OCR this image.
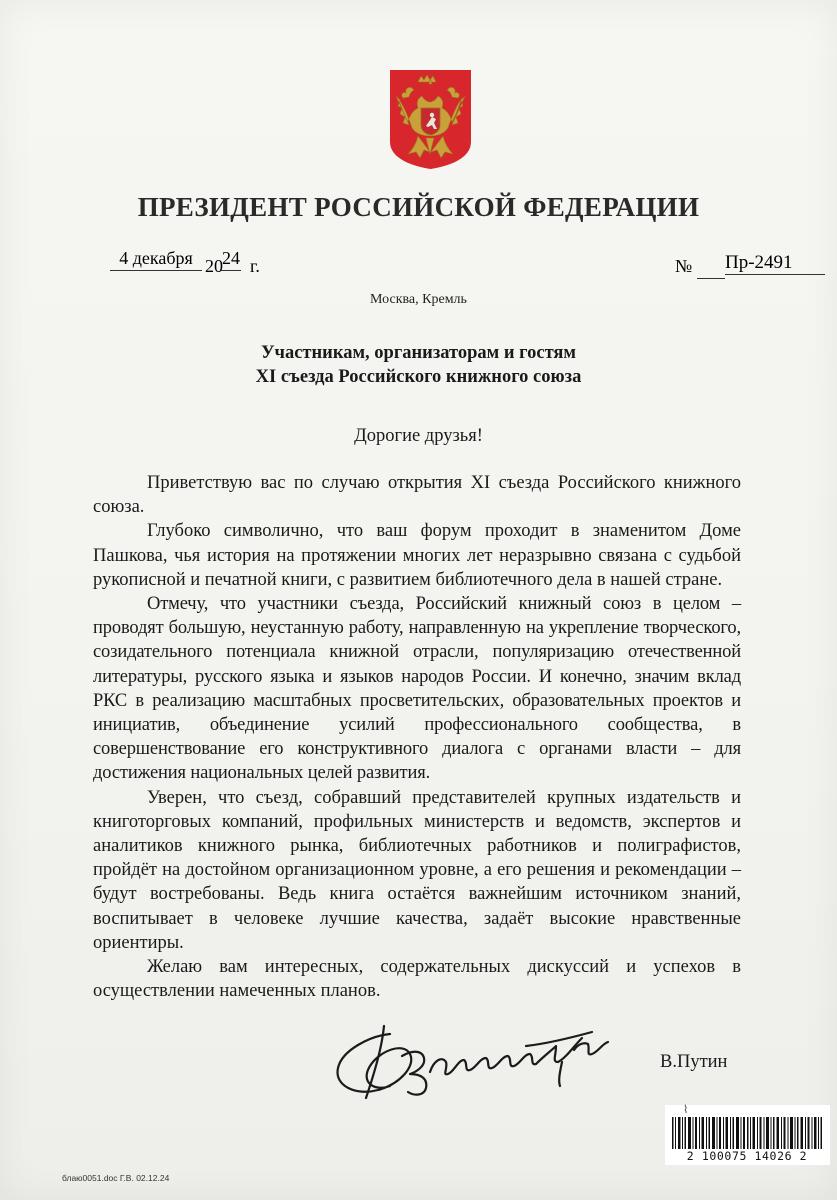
ПРЕЗИДЕНТ РОССИЙСКОЙ ФЕДЕРАЦИИ
4 декабря 20 24 г.	№ Пр-2491
Москва, Кремль
Участникам, организаторам и гостям
XI съезда Российского книжного союза
Дорогие друзья!

Приветствую вас по случаю открытия XI съезда Российского книжного союза.

Глубоко символично, что ваш форум проходит в знаменитом Доме Пашкова, чья история на протяжении многих лет неразрывно связана с судьбой рукописной и печатной книги, с развитием библиотечного дела в нашей стране.

Отмечу, что участники съезда, Российский книжный союз в целом – проводят большую, неустанную работу, направленную на укрепление творческого, созидательного потенциала книжной отрасли, популяризацию отечественной литературы, русского языка и языков народов России. И конечно, значим вклад РКС в реализацию масштабных просветительских, образовательных проектов и инициатив, объединение усилий профессионального сообщества, в совершенствование его конструктивного диалога с органами власти – для достижения национальных целей развития.

Уверен, что съезд, собравший представителей крупных издательств и книготорговых компаний, профильных министерств и ведомств, экспертов и аналитиков книжного рынка, библиотечных работников и полиграфистов, пройдёт на достойном организационном уровне, а его решения и рекомендации – будут востребованы. Ведь книга остаётся важнейшим источником знаний, воспитывает в человеке лучшие качества, задаёт высокие нравственные ориентиры.

Желаю вам интересных, содержательных дискуссий и успехов в осуществлении намеченных планов.

В.Путин
⌇
2 100075 14026 2
блаю0051.doc Г.В. 02.12.24
